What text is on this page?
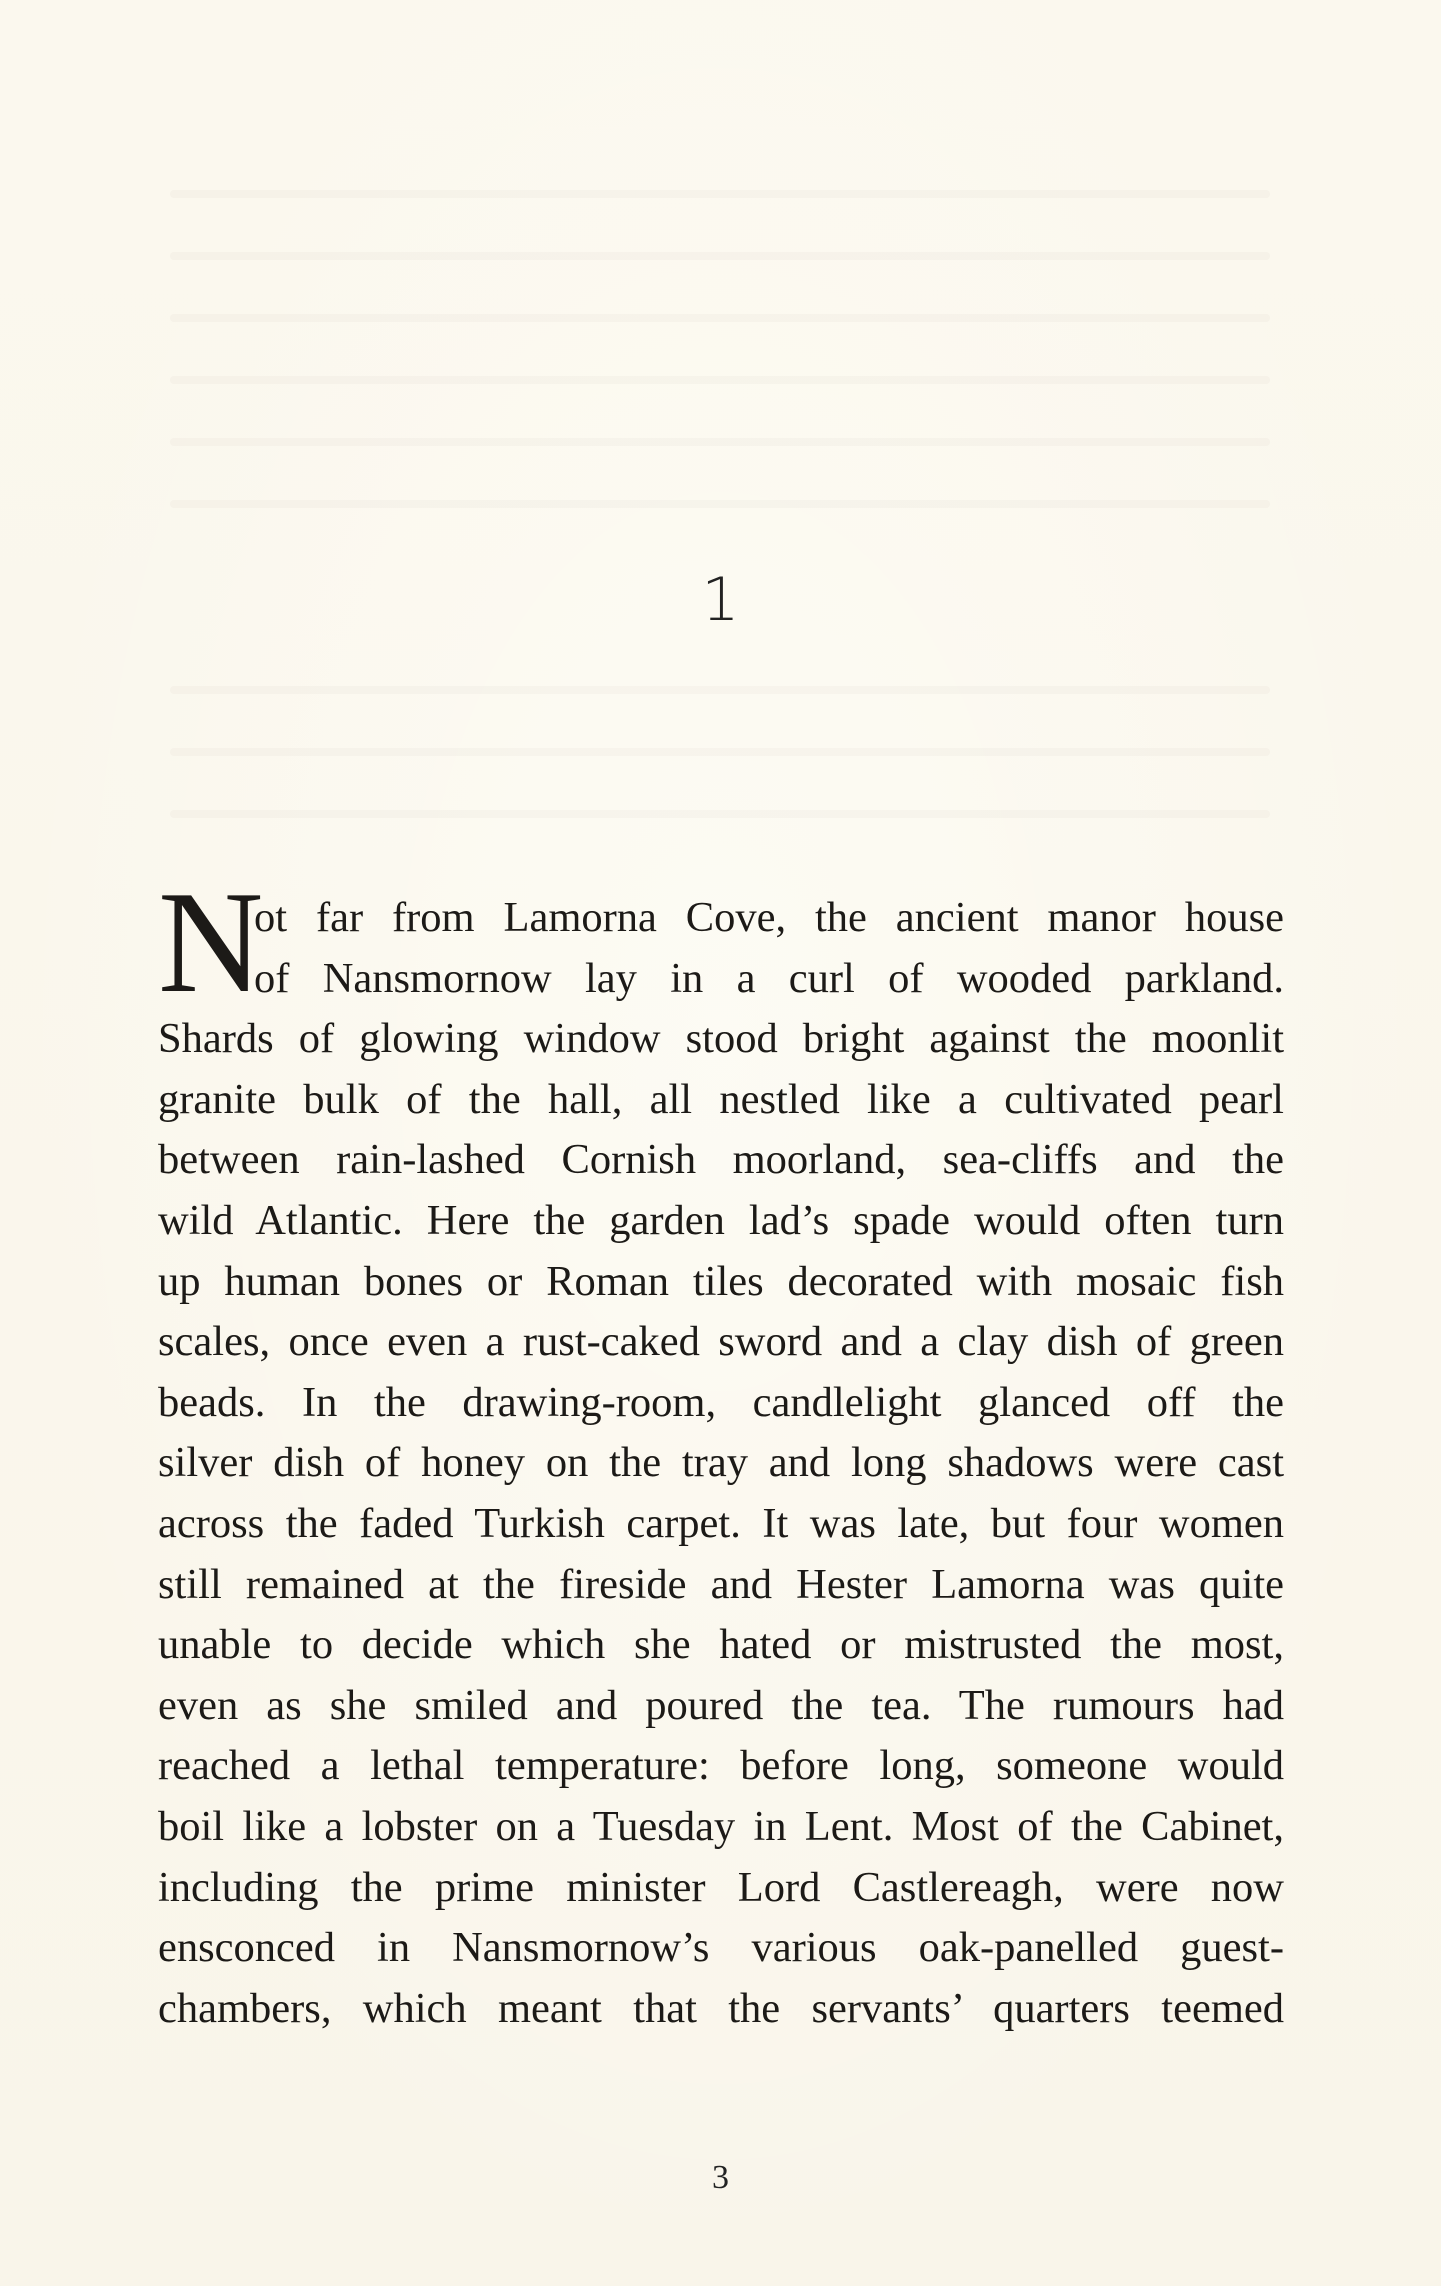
1
N
ot far from Lamorna Cove, the ancient manor house
of Nansmornow lay in a curl of wooded parkland.
Shards of glowing window stood bright against the moonlit
granite bulk of the hall, all nestled like a cultivated pearl
between rain-lashed Cornish moorland, sea-cliffs and the
wild Atlantic. Here the garden lad’s spade would often turn
up human bones or Roman tiles decorated with mosaic fish
scales, once even a rust-caked sword and a clay dish of green
beads. In the drawing-room, candlelight glanced off the
silver dish of honey on the tray and long shadows were cast
across the faded Turkish carpet. It was late, but four women
still remained at the fireside and Hester Lamorna was quite
unable to decide which she hated or mistrusted the most,
even as she smiled and poured the tea. The rumours had
reached a lethal temperature: before long, someone would
boil like a lobster on a Tuesday in Lent. Most of the Cabinet,
including the prime minister Lord Castlereagh, were now
ensconced in Nansmornow’s various oak-panelled guest-
chambers, which meant that the servants’ quarters teemed
3
